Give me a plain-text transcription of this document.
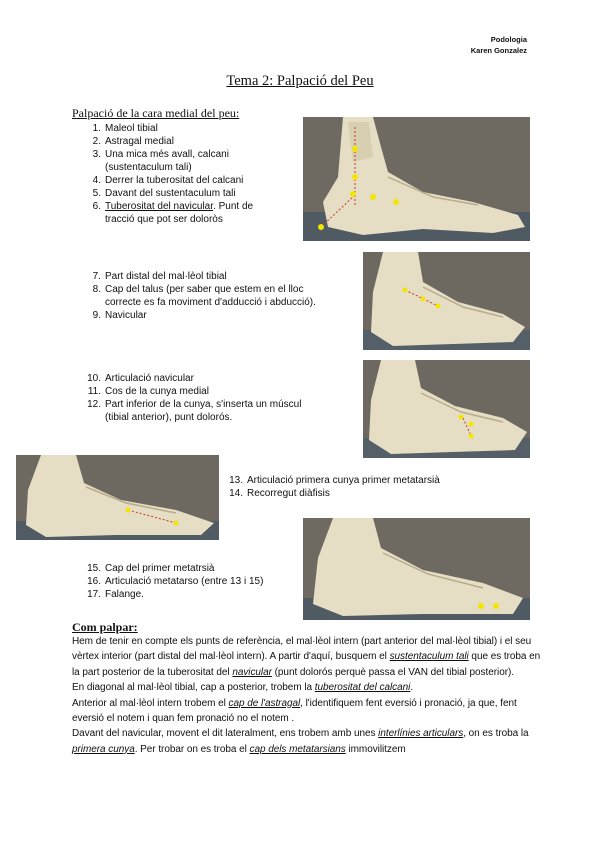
Podologia
Karen Gonzalez
Tema 2: Palpació del Peu
Palpació de la cara medial del peu:
1. Maleol tibial
2. Astragal medial
3. Una mica més avall, calcani
(sustentaculum tali)
4. Derrer la tuberositat del calcani
5. Davant del sustentaculum tali
6. Tuberositat del navicular. Punt de
tracció que pot ser doloròs
7. Part distal del mal·lèol tibial
8. Cap del talus (per saber que estem en el lloc
correcte es fa moviment d'adducció i abducció).
9. Navicular
10. Articulació navicular
11. Cos de la cunya medial
12. Part inferior de la cunya, s'inserta un múscul
(tibial anterior), punt dolorós.
13. Articulació primera cunya primer metatarsià
14. Recorregut diàfisis
15. Cap del primer metatrsià
16. Articulació metatarso (entre 13 i 15)
17. Falange.
Com palpar:

Hem de tenir en compte els punts de referència, el mal·lèol intern (part anterior del mal·lèol tibial) i el seu vèrtex interior (part distal del mal·lèol intern). A partir d'aquí, busquem el sustentaculum tali que es troba en la part posterior de la tuberositat del navicular (punt dolorós perquè passa el VAN del tibial posterior).

En diagonal al mal·lèol tibial, cap a posterior, trobem la tuberositat del calcani.

Anterior al mal·lèol intern trobem el cap de l'astragal, l'identifiquem fent eversió i pronació, ja que, fent eversió el notem i quan fem pronació no el notem .

Davant del navicular, movent el dit lateralment, ens trobem amb unes interlínies articulars, on es troba la primera cunya. Per trobar on es troba el cap dels metatarsians immovilitzem
